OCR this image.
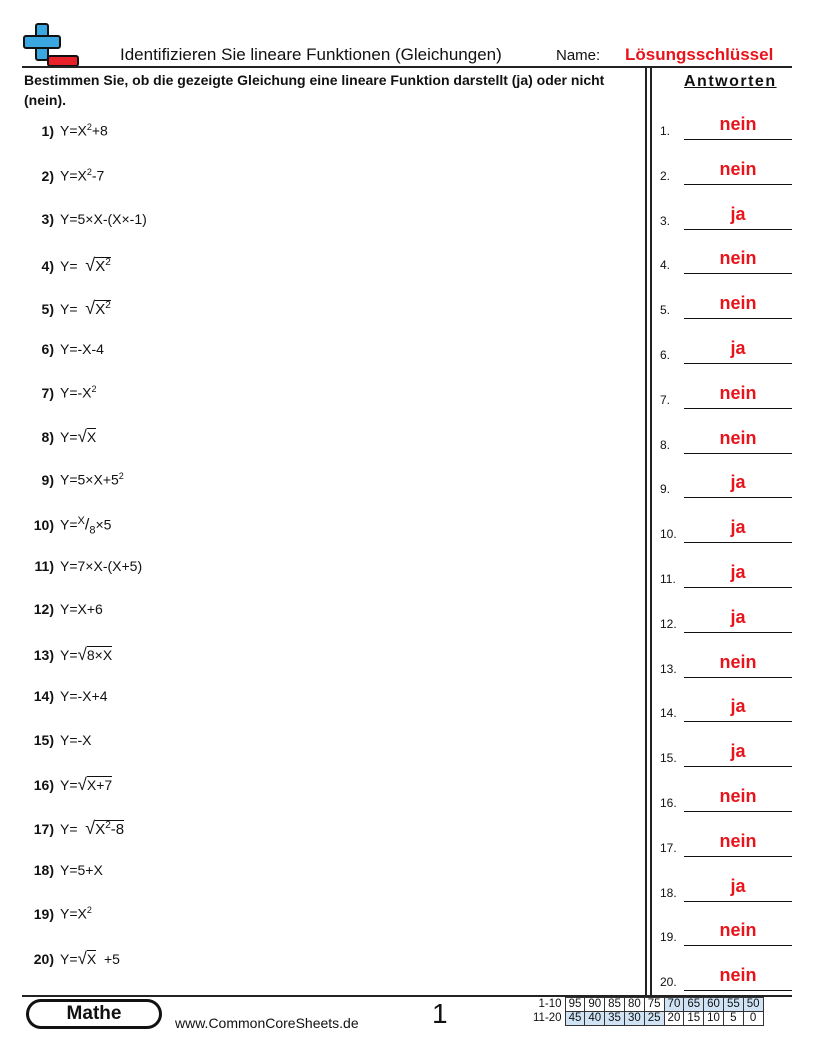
Identifizieren Sie lineare Funktionen (Gleichungen)	Name: Lösungsschlüssel
Bestimmen Sie, ob die gezeigte Gleichung eine lineare Funktion darstellt (ja) oder nicht (nein).
Antworten
1) $Y=X^2+8$
2) $Y=X^2-7$
3) Y=5×X-(X×-1)
4) $Y= √X^2$
5) $Y= √X^2$
6) Y=-X-4
7) $Y=-X^2$
8) Y=√X
9) $Y=5\times X+5^2$
10) $Y=^X/_8\times 5$
11) Y=7×X-(X+5)
12) Y=X+6
13) Y=√8×X
14) Y=-X+4
15) Y=-X
16) Y=√X+7
17) $Y= √X^2-8$
18) Y=5+X
19) $Y=X^2$
20) Y=√X  +5
1.	nein
2.	nein
3.	ja
4.	nein
5.	nein
6.	ja
7.	nein
8.	nein
9.	ja
10.	ja
11.	ja
12.	ja
13.	nein
14.	ja
15.	ja
16.	nein
17.	nein
18.	ja
19.	nein
20.	nein
Mathe	www.CommonCoreSheets.de	1	1-10	95	90	85	80	75	70	65	60	55	50
11-20	45	40	35	30	25	20	15	10	5	0
